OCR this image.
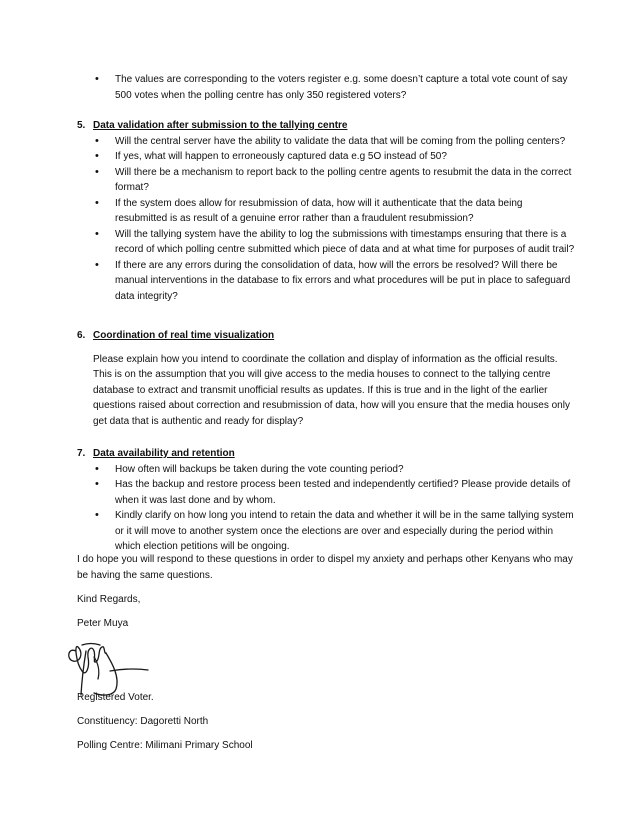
• The values are corresponding to the voters register e.g. some doesn’t capture a total vote count of say 500 votes when the polling centre has only 350 registered voters?
5. Data validation after submission to the tallying centre
• Will the central server have the ability to validate the data that will be coming from the polling centers?
• If yes, what will happen to erroneously captured data e.g 5O instead of 50?
• Will there be a mechanism to report back to the polling centre agents to resubmit the data in the correct format?
• If the system does allow for resubmission of data, how will it authenticate that the data being resubmitted is as result of a genuine error rather than a fraudulent resubmission?
• Will the tallying system have the ability to log the submissions with timestamps ensuring that there is a record of which polling centre submitted which piece of data and at what time for purposes of audit trail?
• If there are any errors during the consolidation of data, how will the errors be resolved? Will there be manual interventions in the database to fix errors and what procedures will be put in place to safeguard data integrity?
6. Coordination of real time visualization

Please explain how you intend to coordinate the collation and display of information as the official results. This is on the assumption that you will give access to the media houses to connect to the tallying centre database to extract and transmit unofficial results as updates. If this is true and in the light of the earlier questions raised about correction and resubmission of data, how will you ensure that the media houses only get data that is authentic and ready for display?

7. Data availability and retention
• How often will backups be taken during the vote counting period?
• Has the backup and restore process been tested and independently certified? Please provide details of when it was last done and by whom.
• Kindly clarify on how long you intend to retain the data and whether it will be in the same tallying system or it will move to another system once the elections are over and especially during the period within which election petitions will be ongoing.

I do hope you will respond to these questions in order to dispel my anxiety and perhaps other Kenyans who may be having the same questions.

Kind Regards,

Peter Muya

Registered Voter.

Constituency: Dagoretti North

Polling Centre: Milimani Primary School
